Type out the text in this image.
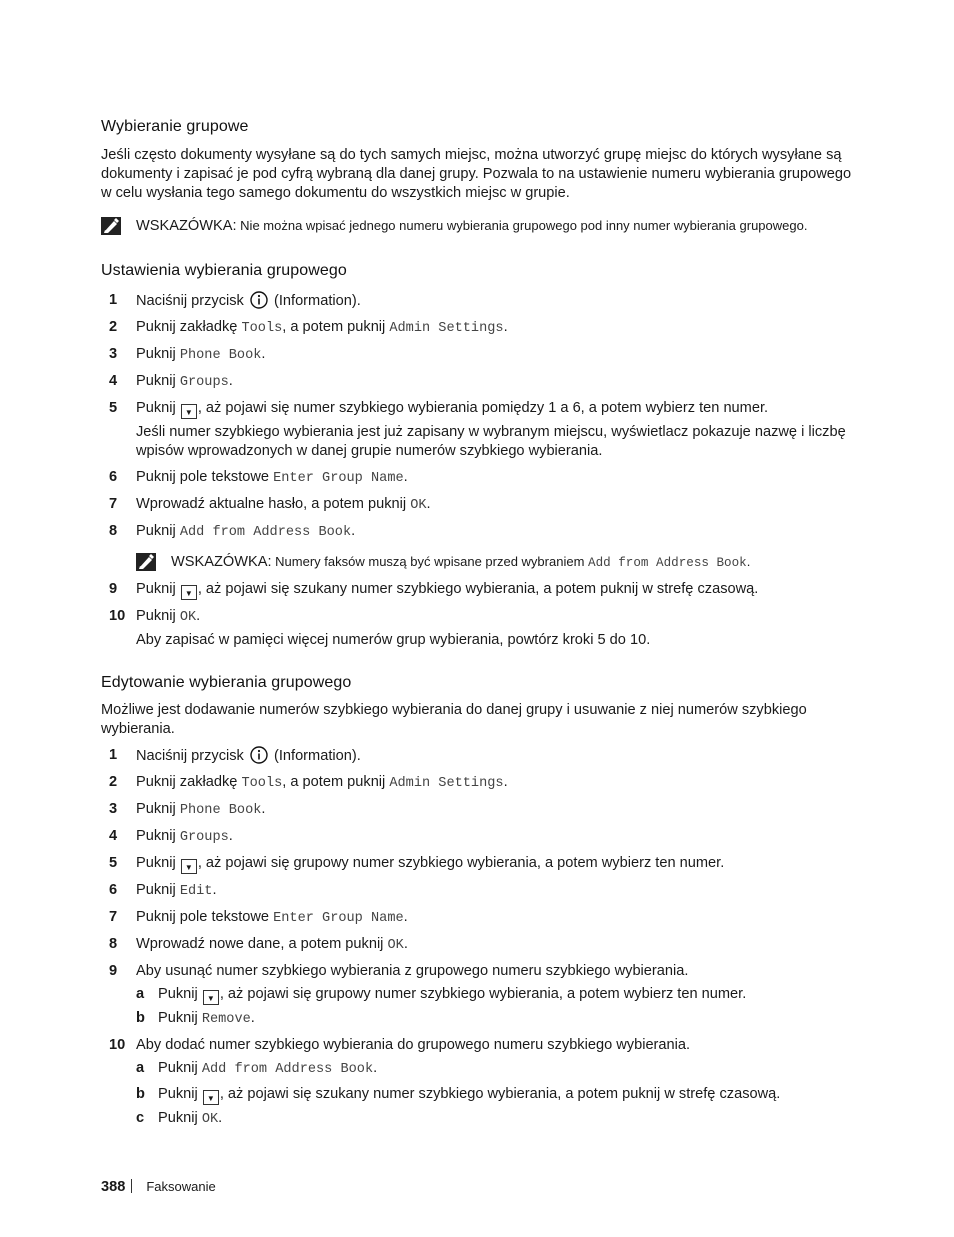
Wybieranie grupowe

Jeśli często dokumenty wysyłane są do tych samych miejsc, można utworzyć grupę miejsc do których wysyłane są dokumenty i zapisać je pod cyfrą wybraną dla danej grupy. Pozwala to na ustawienie numeru wybierania grupowego w celu wysłania tego samego dokumentu do wszystkich miejsc w grupie.

WSKAZÓWKA: Nie można wpisać jednego numeru wybierania grupowego pod inny numer wybierania grupowego.
Ustawienia wybierania grupowego
1 Naciśnij przycisk  (Information).
2 Puknij zakładkę Tools, a potem puknij Admin Settings.
3 Puknij Phone Book.
4 Puknij Groups.
5 Puknij ▼ , aż pojawi się numer szybkiego wybierania pomiędzy 1 a 6, a potem wybierz ten numer.
Jeśli numer szybkiego wybierania jest już zapisany w wybranym miejscu, wyświetlacz pokazuje nazwę i liczbę wpisów wprowadzonych w danej grupie numerów szybkiego wybierania.
6 Puknij pole tekstowe Enter Group Name.
7 Wprowadź aktualne hasło, a potem puknij OK.
8 Puknij Add from Address Book.
WSKAZÓWKA: Numery faksów muszą być wpisane przed wybraniem Add from Address Book.
9 Puknij ▼ , aż pojawi się szukany numer szybkiego wybierania, a potem puknij w strefę czasową.
10 Puknij OK.
Aby zapisać w pamięci więcej numerów grup wybierania, powtórz kroki 5 do 10.
Edytowanie wybierania grupowego

Możliwe jest dodawanie numerów szybkiego wybierania do danej grupy i usuwanie z niej numerów szybkiego wybierania.

1 Naciśnij przycisk  (Information).
2 Puknij zakładkę Tools, a potem puknij Admin Settings.
3 Puknij Phone Book.
4 Puknij Groups.
5 Puknij ▼ , aż pojawi się grupowy numer szybkiego wybierania, a potem wybierz ten numer.
6 Puknij Edit.
7 Puknij pole tekstowe Enter Group Name.
8 Wprowadź nowe dane, a potem puknij OK.
9 Aby usunąć numer szybkiego wybierania z grupowego numeru szybkiego wybierania.
a Puknij ▼ , aż pojawi się grupowy numer szybkiego wybierania, a potem wybierz ten numer.
b Puknij Remove.
10 Aby dodać numer szybkiego wybierania do grupowego numeru szybkiego wybierania.
a Puknij Add from Address Book.
b Puknij ▼ , aż pojawi się szukany numer szybkiego wybierania, a potem puknij w strefę czasową.
c Puknij OK.
388 Faksowanie
